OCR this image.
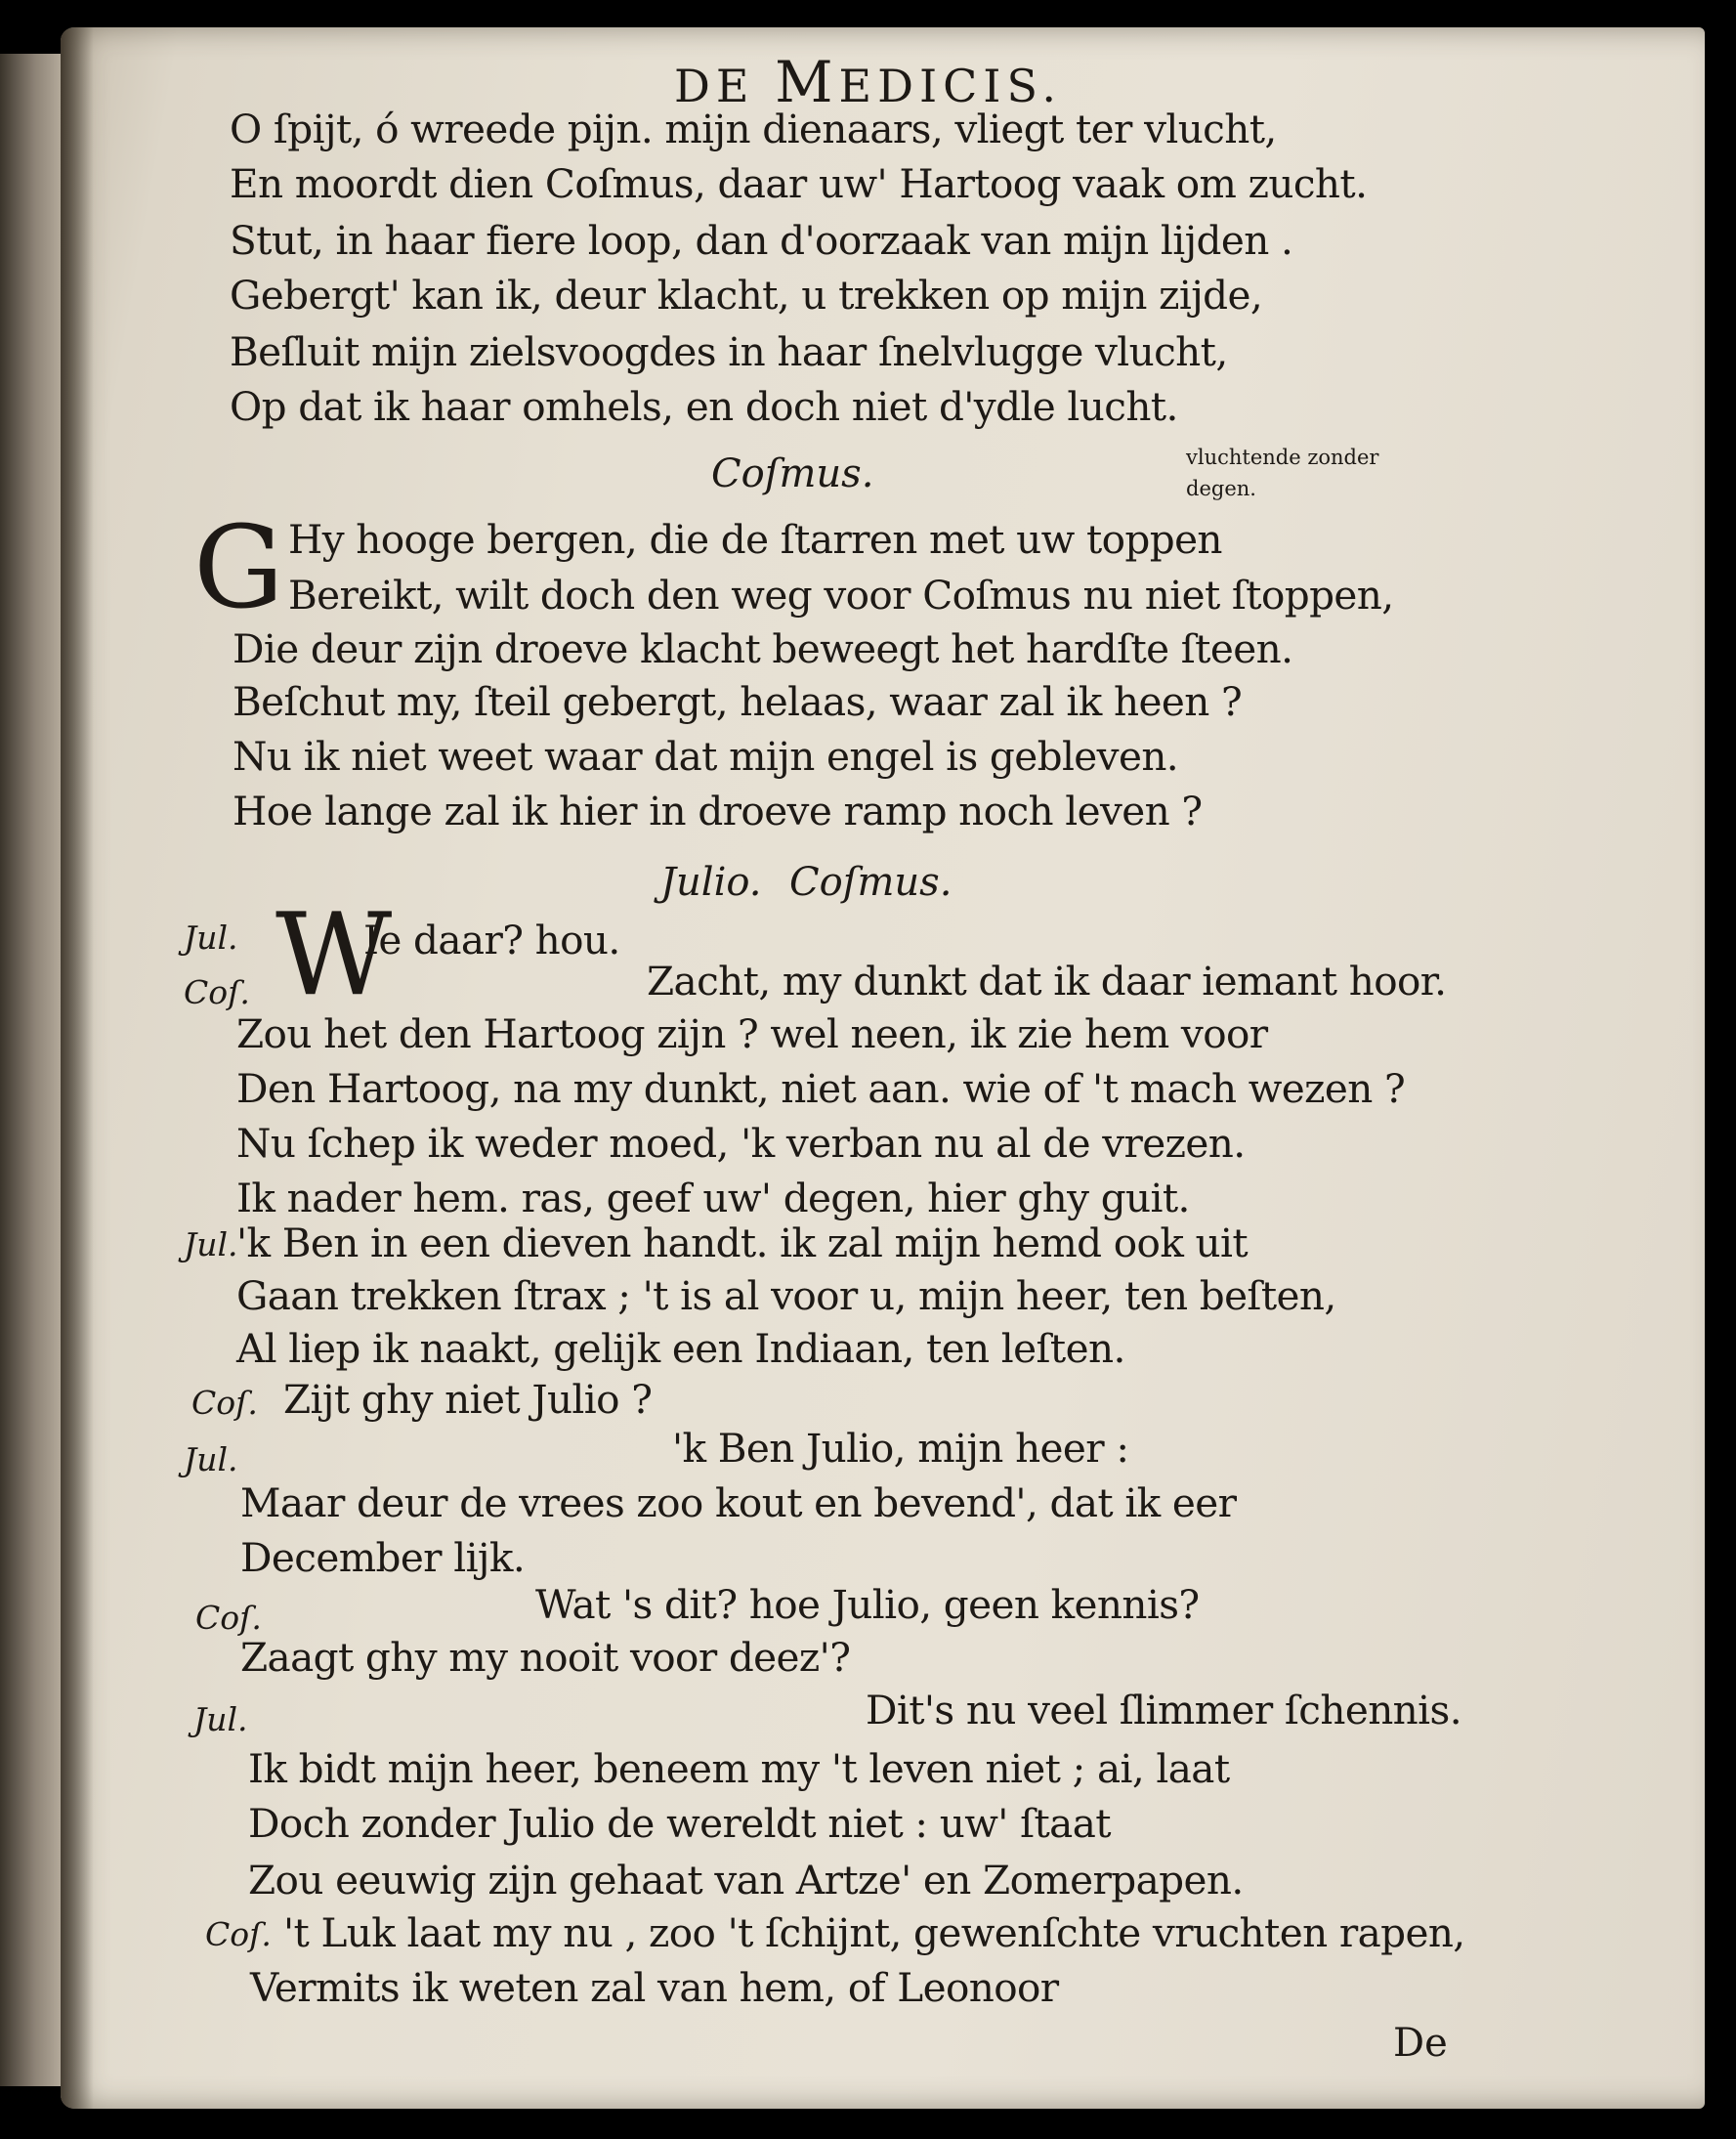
DE MEDICIS.
O ſpijt, ó wreede pijn. mijn dienaars, vliegt ter vlucht,
En moordt dien Coſmus, daar uw' Hartoog vaak om zucht.
Stut, in haar fiere loop, dan d'oorzaak van mijn lijden .
Gebergt' kan ik, deur klacht, u trekken op mijn zijde,
Beſluit mijn zielsvoogdes in haar ſnelvlugge vlucht,
Op dat ik haar omhels, en doch niet d'ydle lucht.
Coſmus.	vluchtende zonder
degen.
G Hy hooge bergen, die de ſtarren met uw toppen
Bereikt, wilt doch den weg voor Coſmus nu niet ſtoppen,
Die deur zijn droeve klacht beweegt het hardſte ſteen.
Beſchut my, ſteil gebergt, helaas, waar zal ik heen ?
Nu ik niet weet waar dat mijn engel is gebleven.
Hoe lange zal ik hier in droeve ramp noch leven ?
Julio. Coſmus.
Jul. W
Ie daar? hou.
Coſ.	Zacht, my dunkt dat ik daar iemant hoor.
Zou het den Hartoog zijn ? wel neen, ik zie hem voor
Den Hartoog, na my dunkt, niet aan. wie of 't mach wezen ?
Nu ſchep ik weder moed, 'k verban nu al de vrezen.
Ik nader hem. ras, geef uw' degen, hier ghy guit.
Jul.
'k Ben in een dieven handt. ik zal mijn hemd ook uit
Gaan trekken ſtrax ; 't is al voor u, mijn heer, ten beſten,
Al liep ik naakt, gelijk een Indiaan, ten leſten.
Coſ. Zijt ghy niet Julio ?
Jul.	'k Ben Julio, mijn heer :
Maar deur de vrees zoo kout en bevend', dat ik eer
December lijk.
Coſ.	Wat 's dit? hoe Julio, geen kennis?
Zaagt ghy my nooit voor deez'?
Jul.	Dit's nu veel ſlimmer ſchennis.
Ik bidt mijn heer, beneem my 't leven niet ; ai, laat
Doch zonder Julio de wereldt niet : uw' ſtaat
Zou eeuwig zijn gehaat van Artze' en Zomerpapen.
Coſ. 't Luk laat my nu , zoo 't ſchijnt, gewenſchte vruchten rapen,
Vermits ik weten zal van hem, of Leonoor
De
